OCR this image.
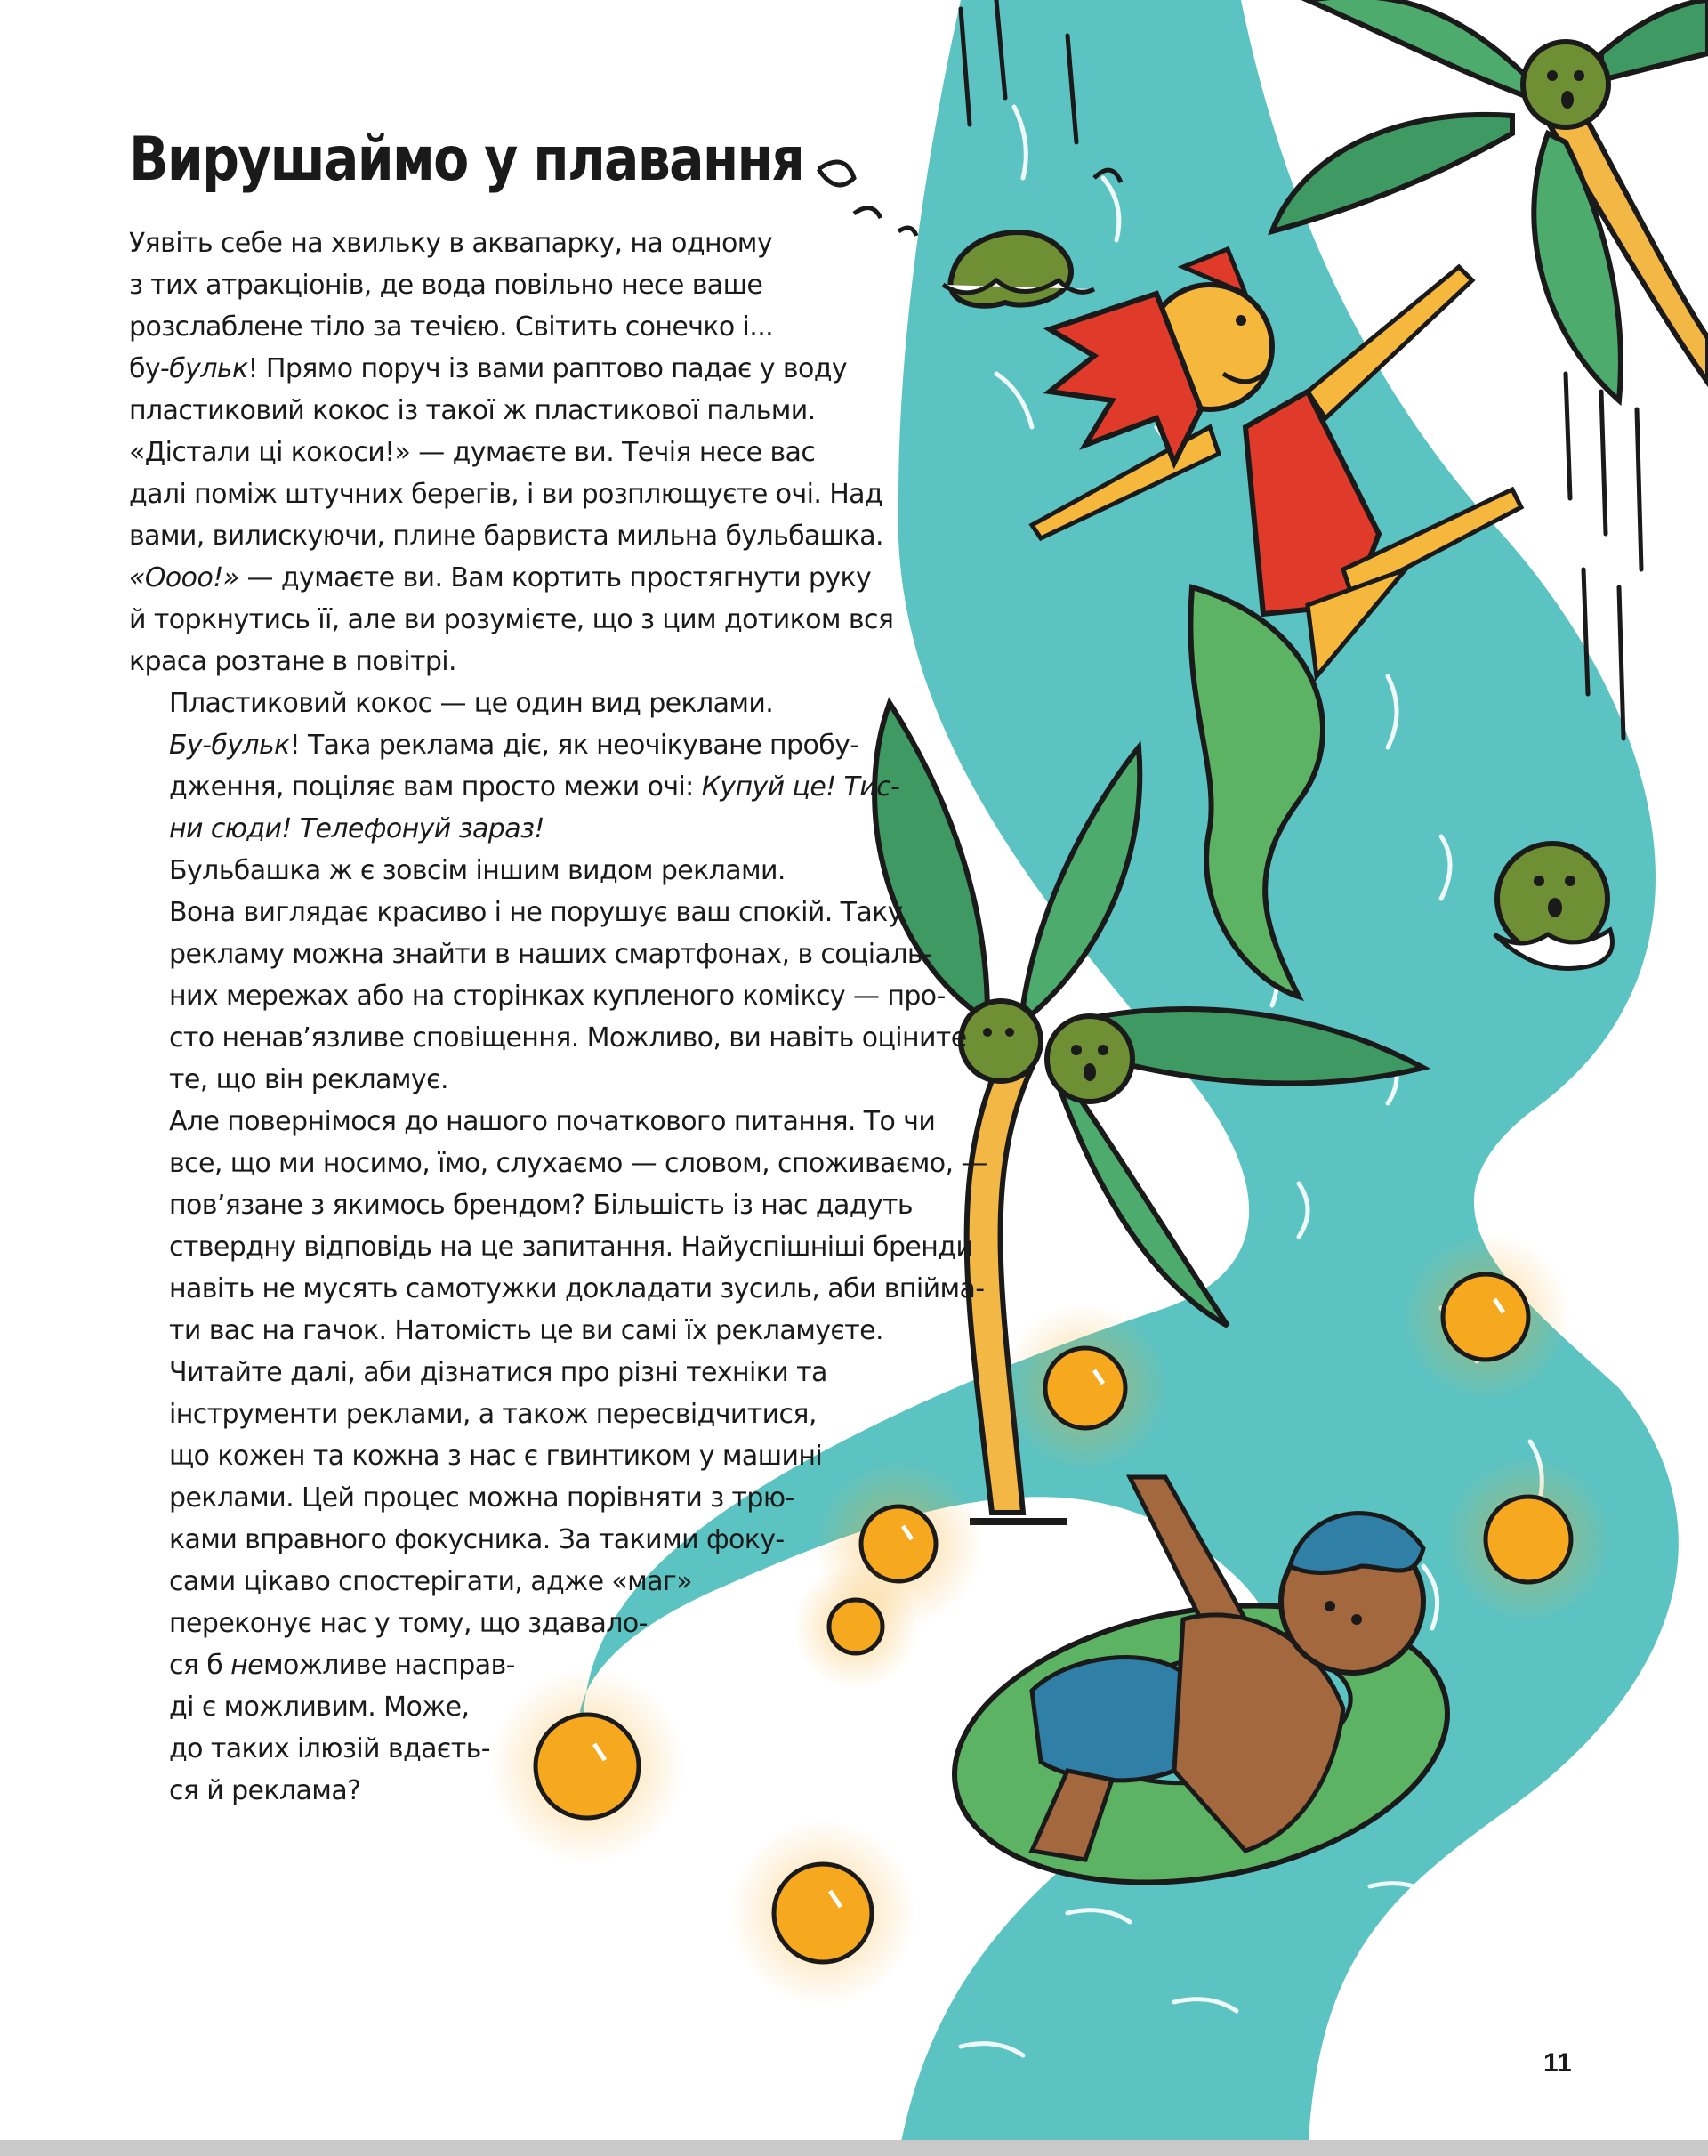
Вирушаймо у плавання

Уявіть себе на хвильку в аквапарку, на одному
з тих атракціонів, де вода повільно несе ваше
розслаблене тіло за течією. Світить сонечко і...
бу-бульк! Прямо поруч із вами раптово падає у воду
пластиковий кокос із такої ж пластикової пальми.
«Дістали ці кокоси!» — думаєте ви. Течія несе вас
далі поміж штучних берегів, і ви розплющуєте очі. Над
вами, вилискуючи, плине барвиста мильна бульбашка.
«Оооо!» — думаєте ви. Вам кортить простягнути руку
й торкнутись її, але ви розумієте, що з цим дотиком вся
краса розтане в повітрі.

Пластиковий кокос — це один вид реклами.
Бу-бульк! Така реклама діє, як неочікуване пробу-
дження, поціляє вам просто межи очі: Купуй це! Тис-
ни сюди! Телефонуй зараз!

Бульбашка ж є зовсім іншим видом реклами.
Вона виглядає красиво і не порушує ваш спокій. Таку
рекламу можна знайти в наших смартфонах, в соціаль-
них мережах або на сторінках купленого коміксу — про-
сто ненав’язливе сповіщення. Можливо, ви навіть оціните
те, що він рекламує.

Але повернімося до нашого початкового питання. То чи
все, що ми носимо, їмо, слухаємо — словом, споживаємо, —
пов’язане з якимось брендом? Більшість із нас дадуть
ствердну відповідь на це запитання. Найуспішніші бренди
навіть не мусять самотужки докладати зусиль, аби впійма-
ти вас на гачок. Натомість це ви самі їх рекламуєте.

Читайте далі, аби дізнатися про різні техніки та
інструменти реклами, а також пересвідчитися,
що кожен та кожна з нас є гвинтиком у машині
реклами. Цей процес можна порівняти з трю-
ками вправного фокусника. За такими фоку-
сами цікаво спостерігати, адже «маг»
переконує нас у тому, що здавало-
ся б неможливе насправ-
ді є можливим. Може,
до таких ілюзій вдаєть-
ся й реклама?

11
